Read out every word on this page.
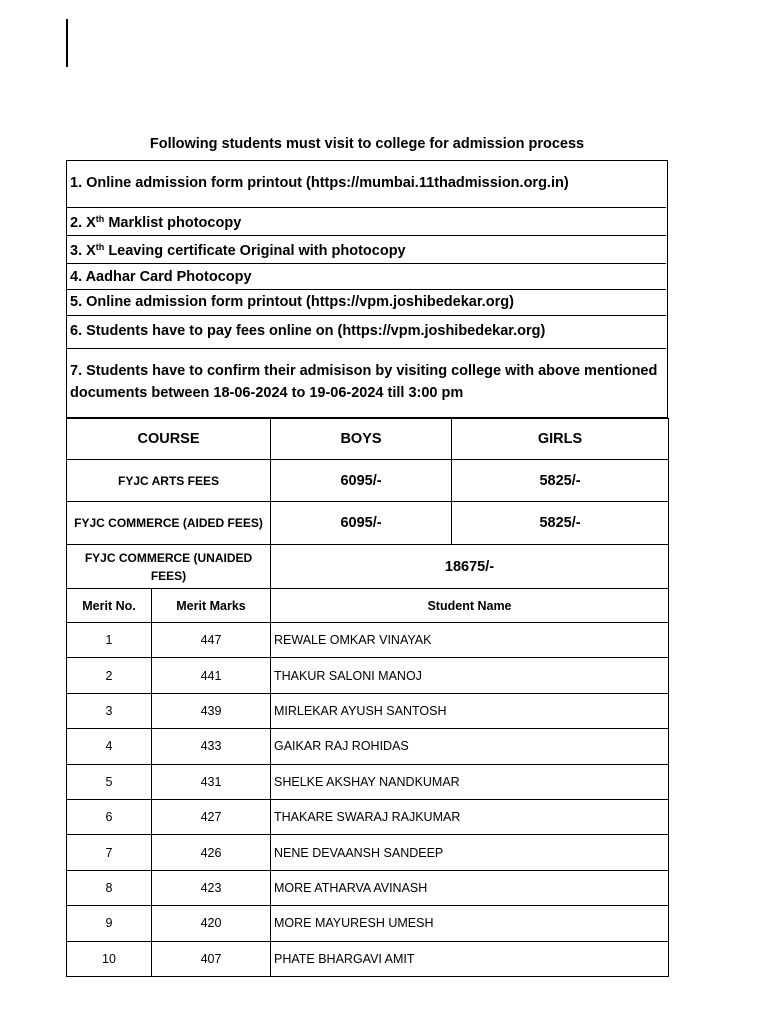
27211401416 - K.G.JOSHI COLLEGE ARTS & N.G.BEDEKAR COLLEGE COMMERCE
THANE WEST
Students Applied for In-House Quota [MU0597CGE]
FYJC COMMERCE AIDED FIRST MERIT LIST (2024-25)
Following students must visit to college for admission process
1. Online admission form printout (https://mumbai.11thadmission.org.in)
2. Xth Marklist photocopy
3. Xth Leaving certificate Original with photocopy
4. Aadhar Card Photocopy
5. Online admission form printout (https://vpm.joshibedekar.org)
6. Students have to pay fees online on (https://vpm.joshibedekar.org)
7. Students have to confirm their admisison by visiting college with above mentioned documents between 18-06-2024 to 19-06-2024 till 3:00 pm
COURSE	BOYS	GIRLS
FYJC ARTS FEES	6095/-	5825/-
FYJC COMMERCE (AIDED FEES)	6095/-	5825/-
FYJC COMMERCE (UNAIDED FEES)	18675/-	
Merit No.	Merit Marks	Student Name
1	447	REWALE OMKAR VINAYAK
2	441	THAKUR SALONI MANOJ
3	439	MIRLEKAR AYUSH SANTOSH
4	433	GAIKAR RAJ ROHIDAS
5	431	SHELKE AKSHAY NANDKUMAR
6	427	THAKARE SWARAJ RAJKUMAR
7	426	NENE DEVAANSH SANDEEP
8	423	MORE ATHARVA AVINASH
9	420	MORE MAYURESH UMESH
10	407	PHATE BHARGAVI AMIT
